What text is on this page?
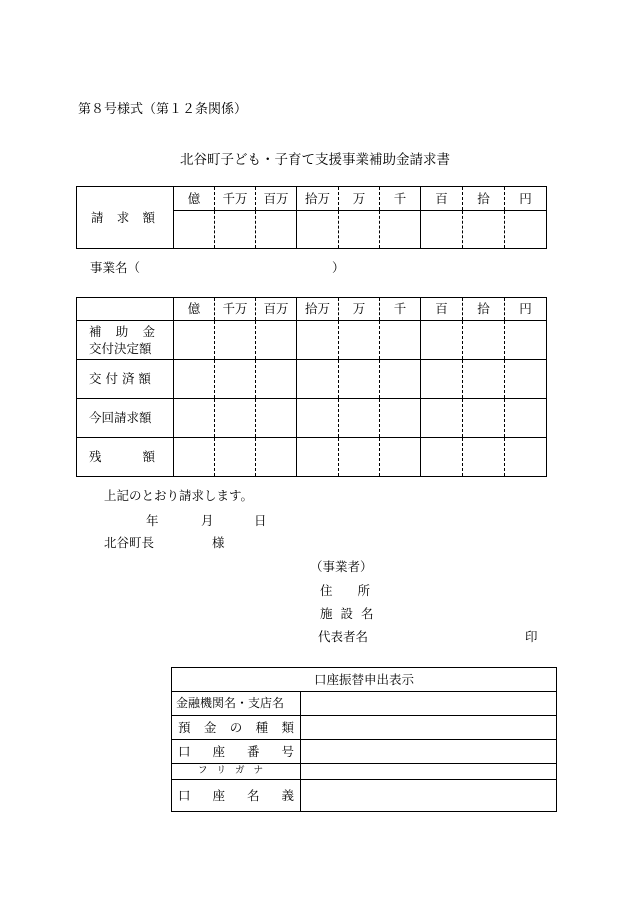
第８号様式（第１２条関係）
北谷町子ども・子育て支援事業補助金請求書
請 求 額	億	千万	百万	拾万	万	千	百	拾	円

事業名（	）
	億	千万	百万	拾万	万	千	百	拾	円

補 助 金
交付決定額									

交 付 済 額									
今回請求額									

残 額									

上記のとおり請求します。
年	月	日
北谷町長	様
（事業者）
住　　所
施 設 名
代表者名	印
口座振替申出表示	
金融機関名・支店名	

預 金 の 種 類	

口 座 番 号	

フ リ ガ ナ	

口 座 名 義	
